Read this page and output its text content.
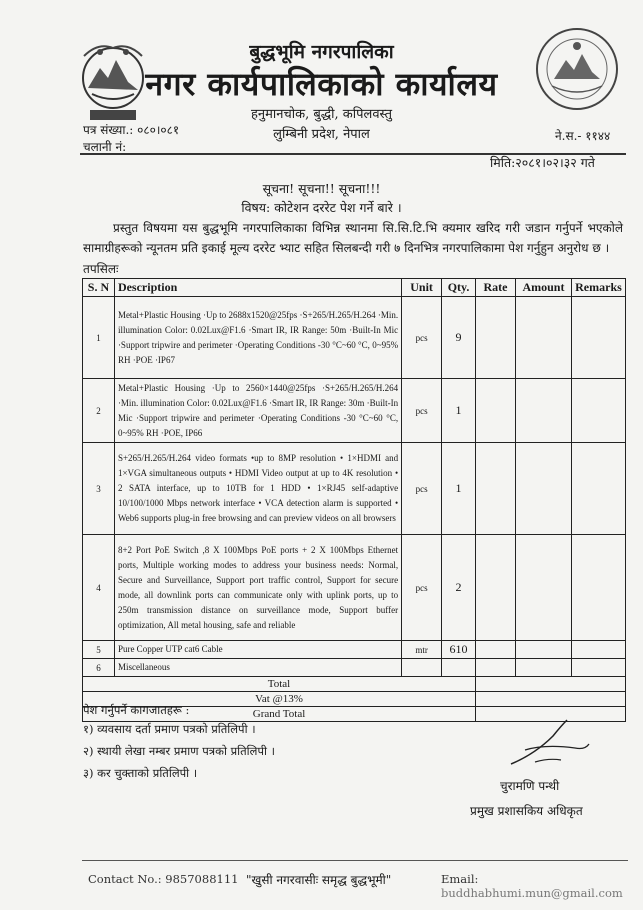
बुद्धभूमि नगरपालिका
नगर कार्यपालिकाको कार्यालय
हनुमानचोक, बुद्धी, कपिलवस्तु
लुम्बिनी प्रदेश, नेपाल
पत्र संख्या.: ०८०।०८१
चलानी नं:
ने.स.- ११४४
मिति:२०८१।०२।३२ गते
सूचना! सूचना!! सूचना!!!
विषय: कोटेशन दररेट पेश गर्ने बारे ।
प्रस्तुत विषयमा यस बुद्धभूमि नगरपालिकाका विभिन्न स्थानमा सि.सि.टि.भि क्यमार खरिद गरी जडान गर्नुपर्ने भएकोले सामाग्रीहरूको न्यूनतम प्रति इकाई मूल्य दररेट भ्याट सहित सिलबन्दी गरी ७ दिनभित्र नगरपालिकामा पेश गर्नुहुन अनुरोध छ ।
तपसिलः
S. N	Description	Unit	Qty.	Rate	Amount	Remarks
1	Metal+Plastic Housing ·Up to 2688x1520@25fps ·S+265/H.265/H.264 ·Min. illumination Color: 0.02Lux@F1.6 ·Smart IR, IR Range: 50m ·Built-In Mic ·Support tripwire and perimeter ·Operating Conditions -30 °C~60 °C, 0~95% RH ·POE ·IP67	pcs	9			
2	Metal+Plastic Housing ·Up to 2560×1440@25fps ·S+265/H.265/H.264 ·Min. illumination Color: 0.02Lux@F1.6 ·Smart IR, IR Range: 30m ·Built-In Mic ·Support tripwire and perimeter ·Operating Conditions -30 °C~60 °C, 0~95% RH ·POE, IP66	pcs	1			
3	S+265/H.265/H.264 video formats •up to 8MP resolution • 1×HDMI and 1×VGA simultaneous outputs • HDMI Video output at up to 4K resolution • 2 SATA interface, up to 10TB for 1 HDD • 1×RJ45 self-adaptive 10/100/1000 Mbps network interface • VCA detection alarm is supported • Web6 supports plug-in free browsing and can preview videos on all browsers	pcs	1			
4	8+2 Port PoE Switch ,8 X 100Mbps PoE ports + 2 X 100Mbps Ethernet ports, Multiple working modes to address your business needs: Normal, Secure and Surveillance, Support port traffic control, Support for secure mode, all downlink ports can communicate only with uplink ports, up to 250m transmission distance on surveillance mode, Support buffer optimization, All metal housing, safe and reliable	pcs	2			
5	Pure Copper UTP cat6 Cable	mtr	610			
6	Miscellaneous					
Total						
Vat @13%						
Grand Total						
पेश गर्नुपर्ने कागजातहरू :
१) व्यवसाय दर्ता प्रमाण पत्रको प्रतिलिपी ।
२) स्थायी लेखा नम्बर प्रमाण पत्रको प्रतिलिपी ।
३) कर चुक्ताको प्रतिलिपी ।
चुरामणि पन्थी
प्रमुख प्रशासकिय अधिकृत
Contact No.: 9857088111 "खुसी नगरवासीः समृद्ध बुद्धभूमी"	Email: buddhabhumi.mun@gmail.com
